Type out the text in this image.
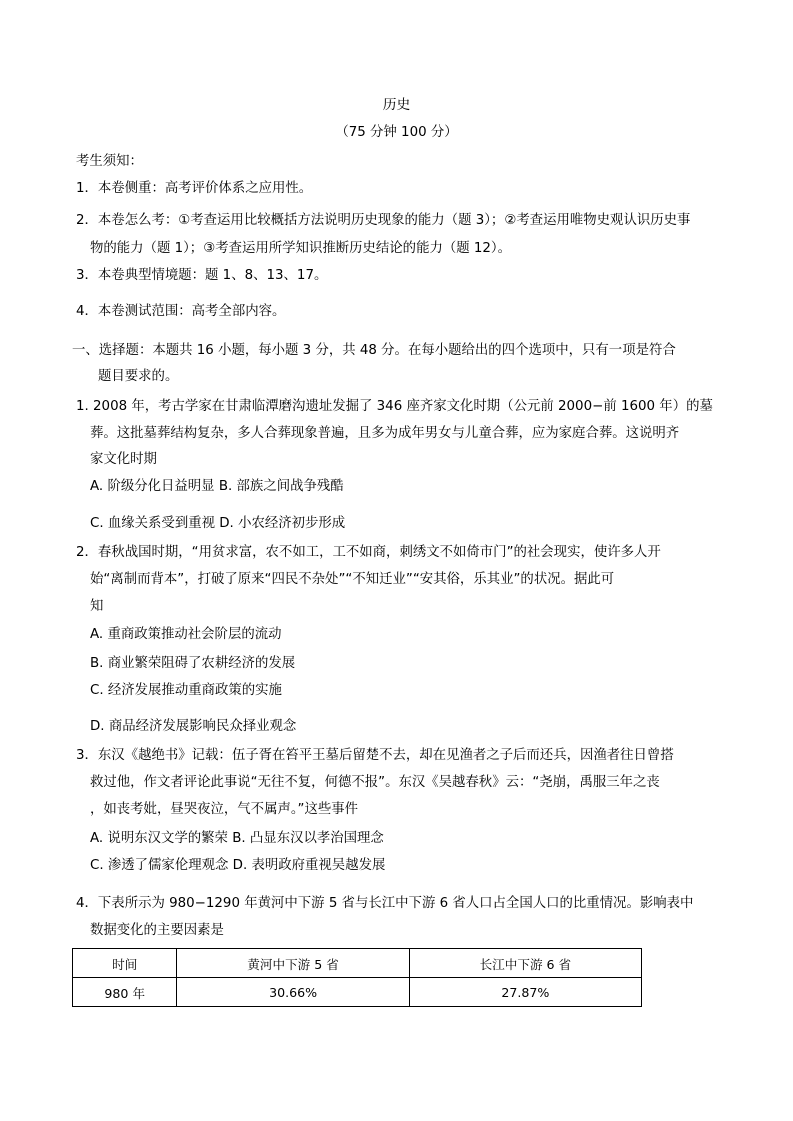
历史
（75 分钟 100 分）
考生须知：
1．本卷侧重：高考评价体系之应用性。
2．本卷怎么考：①考查运用比较概括方法说明历史现象的能力（题 3）；②考查运用唯物史观认识历史事
物的能力（题 1）；③考查运用所学知识推断历史结论的能力（题 12）。
3．本卷典型情境题：题 1、8、13、17。
4．本卷测试范围：高考全部内容。
一、选择题：本题共 16 小题，每小题 3 分，共 48 分。在每小题给出的四个选项中，只有一项是符合
题目要求的。
1. 2008 年，考古学家在甘肃临潭磨沟遗址发掘了 346 座齐家文化时期（公元前 2000−前 1600 年）的墓
葬。这批墓葬结构复杂，多人合葬现象普遍，且多为成年男女与儿童合葬，应为家庭合葬。这说明齐
家文化时期
A. 阶级分化日益明显 B. 部族之间战争残酷
C. 血缘关系受到重视 D. 小农经济初步形成
2．春秋战国时期，“用贫求富，农不如工，工不如商，刺绣文不如倚市门”的社会现实，使许多人开
始“离制而背本”，打破了原来“四民不杂处”“不知迁业”“安其俗，乐其业”的状况。据此可
知
A. 重商政策推动社会阶层的流动
B. 商业繁荣阻碍了农耕经济的发展
C. 经济发展推动重商政策的实施
D. 商品经济发展影响民众择业观念
3．东汉《越绝书》记载：伍子胥在笞平王墓后留楚不去，却在见渔者之子后而还兵，因渔者往日曾搭
救过他，作文者评论此事说“无往不复，何德不报”。东汉《吴越春秋》云：“尧崩，禹服三年之丧
，如丧考妣，昼哭夜泣，气不属声。”这些事件
A. 说明东汉文学的繁荣 B. 凸显东汉以孝治国理念
C. 渗透了儒家伦理观念 D. 表明政府重视吴越发展
4．下表所示为 980−1290 年黄河中下游 5 省与长江中下游 6 省人口占全国人口的比重情况。影响表中
数据变化的主要因素是
时间	黄河中下游 5 省	长江中下游 6 省
980 年	30.66%	27.87%
